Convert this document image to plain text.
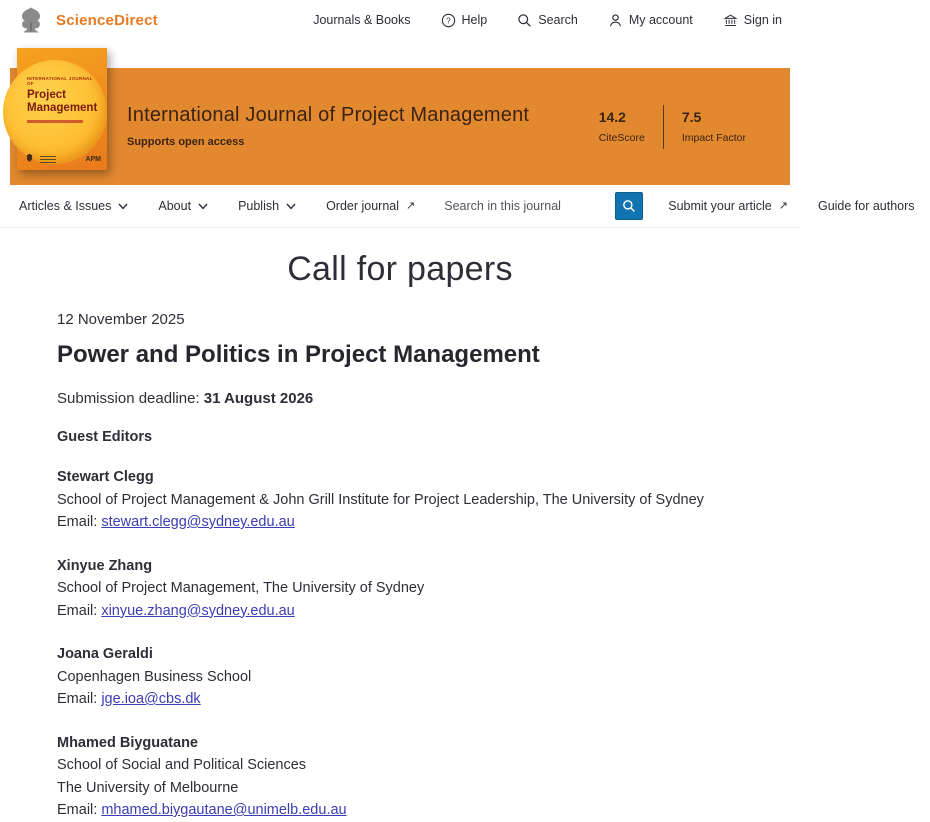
ScienceDirect	Journals & Books	? Help	Search	My account	Sign in
INTERNATIONAL JOURNAL OF
Project Management
APM
International Journal of Project Management
Supports open access
14.2
CiteScore
7.5
Impact Factor
Articles & Issues	About	Publish	Order journal ↗
Search in this journal	Submit your article ↗ Guide for authors
Call for papers
12 November 2025
Power and Politics in Project Management
Submission deadline: 31 August 2026
Guest Editors
Stewart Clegg
School of Project Management & John Grill Institute for Project Leadership, The University of Sydney
Email: stewart.clegg@sydney.edu.au
Xinyue Zhang
School of Project Management, The University of Sydney
Email: xinyue.zhang@sydney.edu.au
Joana Geraldi
Copenhagen Business School
Email: jge.ioa@cbs.dk
Mhamed Biyguatane
School of Social and Political Sciences
The University of Melbourne
Email: mhamed.biygautane@unimelb.edu.au
